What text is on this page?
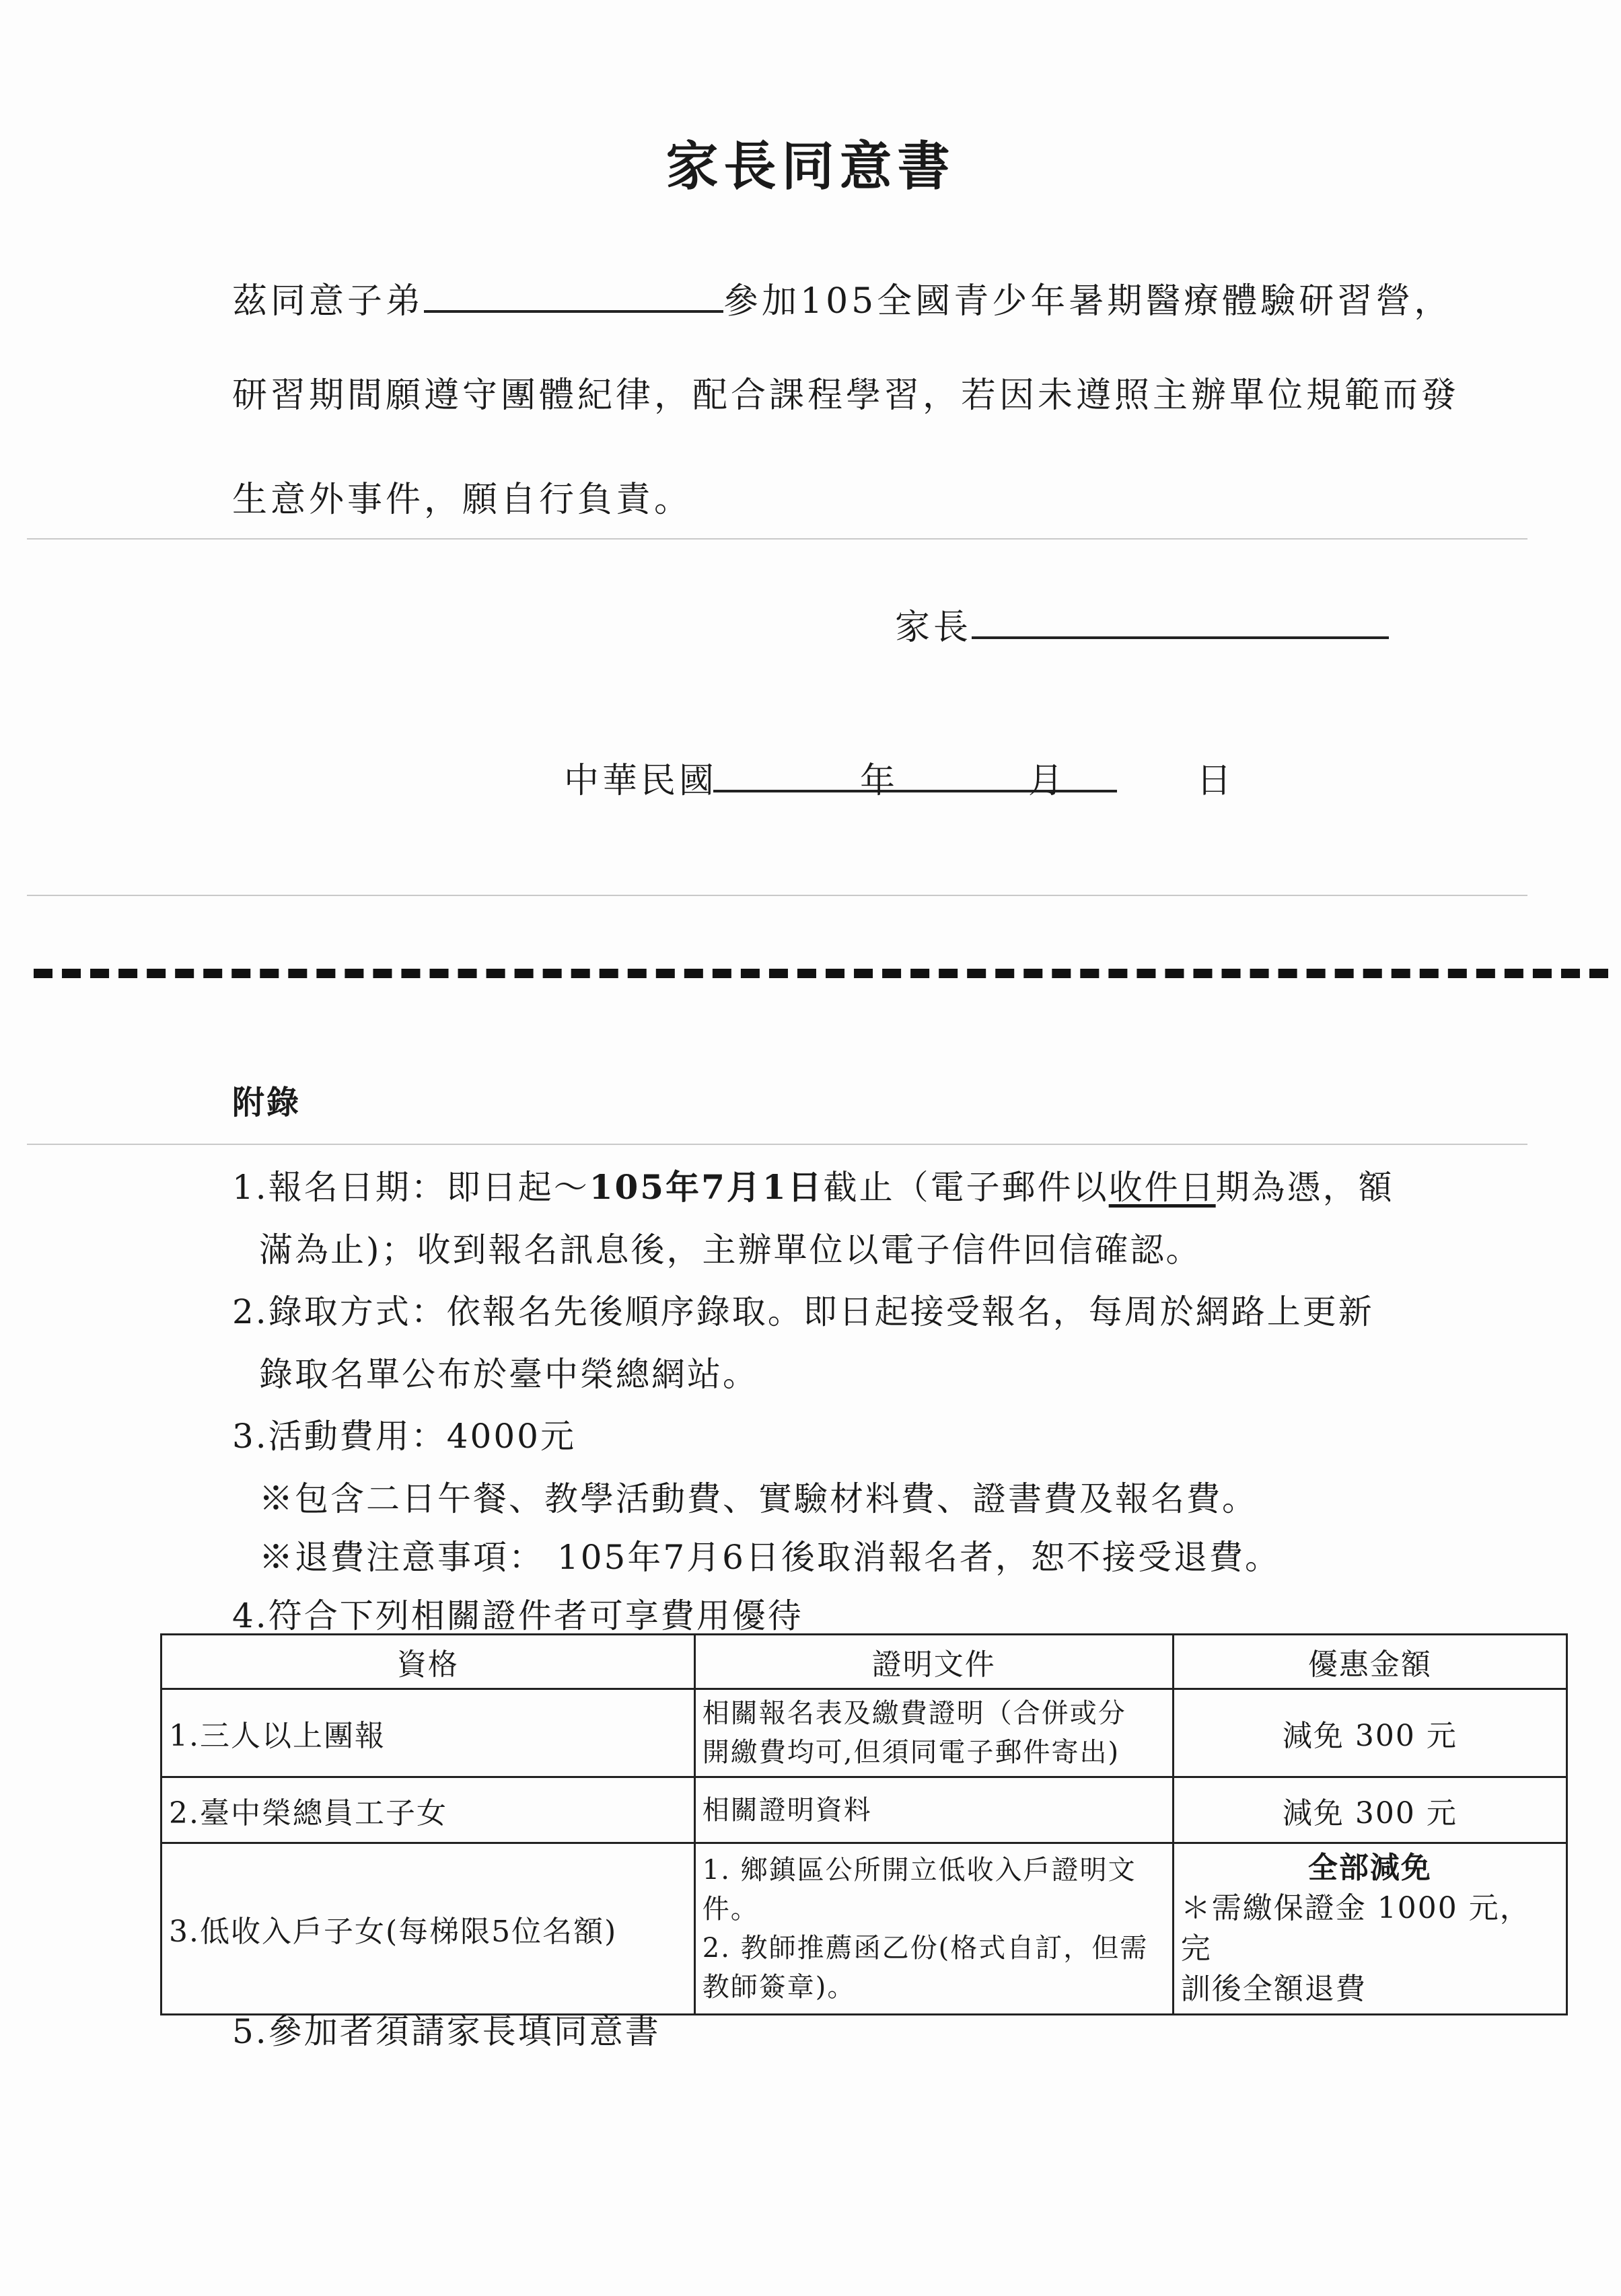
家長同意書
茲同意子弟	參加105全國青少年暑期醫療體驗研習營，
研習期間願遵守團體紀律，配合課程學習，若因未遵照主辦單位規範而發
生意外事件，願自行負責。
家長
中華民國	年	月	日
附錄
1.報名日期：即日起～105年7月1日截止（電子郵件以收件日期為憑，額
滿為止)；收到報名訊息後，主辦單位以電子信件回信確認。
2.錄取方式：依報名先後順序錄取。即日起接受報名，每周於網路上更新
錄取名單公布於臺中榮總網站。
3.活動費用：4000元
※包含二日午餐、教學活動費、實驗材料費、證書費及報名費。
※退費注意事項： 105年7月6日後取消報名者，恕不接受退費。
4.符合下列相關證件者可享費用優待
資格	證明文件	優惠金額
1.三人以上團報	相關報名表及繳費證明（合併或分
開繳費均可,但須同電子郵件寄出)	減免 300 元
2.臺中榮總員工子女	相關證明資料	減免 300 元
3.低收入戶子女(每梯限5位名額)	1. 鄉鎮區公所開立低收入戶證明文
件。
2. 教師推薦函乙份(格式自訂，但需
教師簽章)。	全部減免
＊需繳保證金 1000 元，完
訓後全額退費
5.參加者須請家長填同意書
